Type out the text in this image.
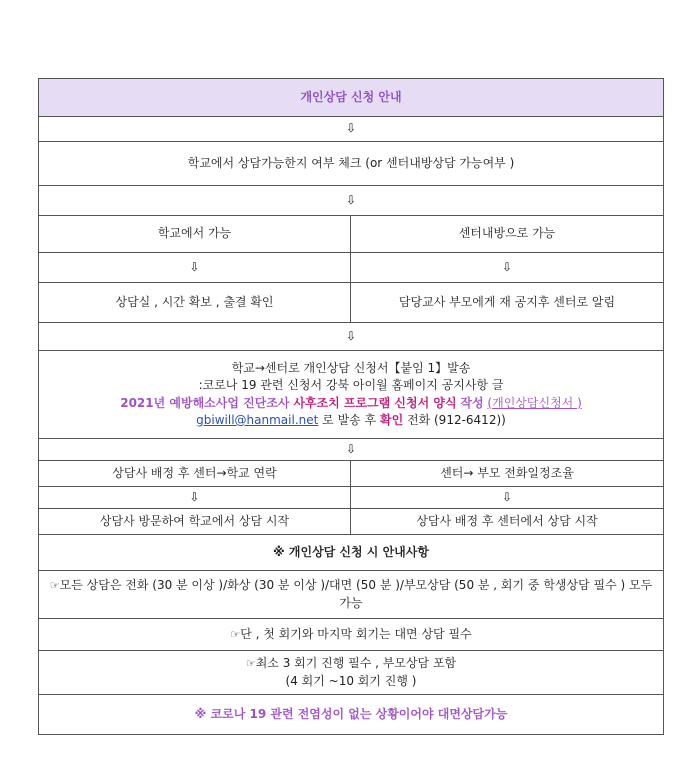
개인상담 신청 안내	
⇩	
학교에서 상담가능한지 여부 체크 (or 센터내방상담 가능여부 )	
⇩	
학교에서 가능	센터내방으로 가능
⇩	⇩
상담실 , 시간 확보 , 출결 확인	담당교사 부모에게 재 공지후 센터로 알림
⇩	

학교→센터로 개인상담 신청서【붙임 1】발송
:코로나 19 관련 신청서 강북 아이월 홈페이지 공지사항 글
2021년 예방해소사업 진단조사 사후조치 프로그램 신청서 양식 작성 (개인상담신청서 )
gbiwill@hanmail.net 로 발송 후 확인 전화 (912-6412))	

⇩	
상담사 배정 후 센터→학교 연락	센터→ 부모 전화일정조율
⇩	⇩
상담사 방문하여 학교에서 상담 시작	상담사 배정 후 센터에서 상담 시작
※ 개인상담 신청 시 안내사항	
☞모든 상담은 전화 (30 분 이상 )/화상 (30 분 이상 )/대면 (50 분 )/부모상담 (50 분 , 회기 중 학생상담 필수 ) 모두 가능	
☞단 , 첫 회기와 마지막 회기는 대면 상담 필수	

☞최소 3 회기 진행 필수 , 부모상담 포함
(4 회기 ~10 회기 진행 )	

※ 코로나 19 관련 전염성이 없는 상황이어야 대면상담가능	
